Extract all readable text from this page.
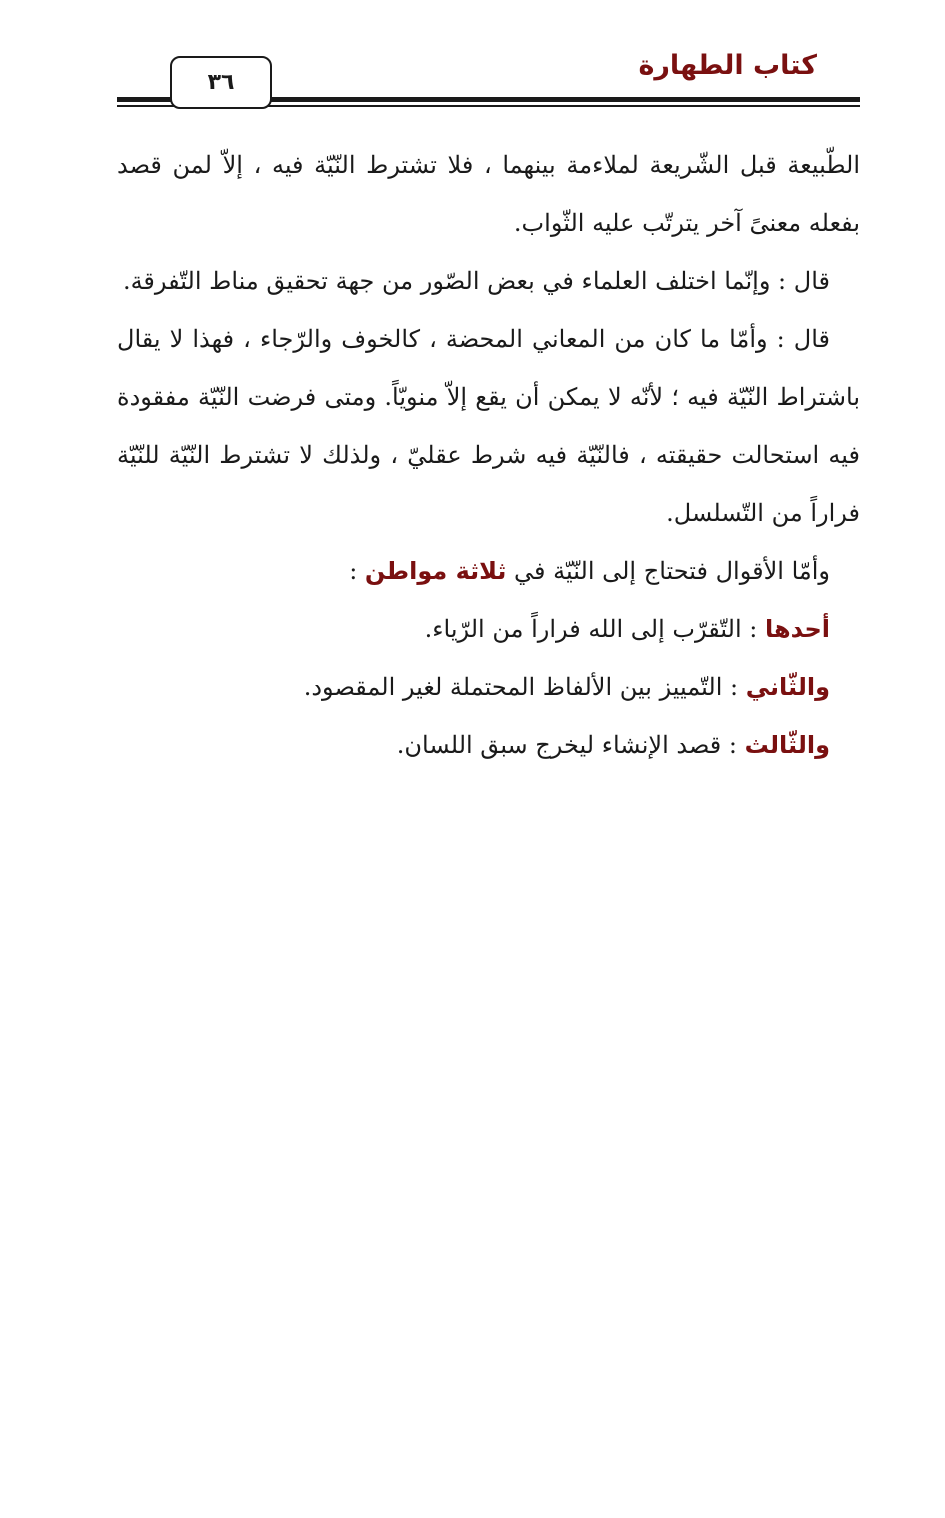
كتاب الطهارة
٣٦

الطّبيعة قبل الشّريعة لملاءمة بينهما ، فلا تشترط النّيّة فيه ، إلاّ لمن قصد بفعله معنىً آخر يترتّب عليه الثّواب.

قال : وإنّما اختلف العلماء في بعض الصّور من جهة تحقيق مناط التّفرقة.

قال : وأمّا ما كان من المعاني المحضة ، كالخوف والرّجاء ، فهذا لا يقال باشتراط النّيّة فيه ؛ لأنّه لا يمكن أن يقع إلاّ منويّاً. ومتى فرضت النّيّة مفقودة فيه استحالت حقيقته ، فالنّيّة فيه شرط عقليّ ، ولذلك لا تشترط النّيّة للنّيّة فراراً من التّسلسل.

وأمّا الأقوال فتحتاج إلى النّيّة في ثلاثة مواطن :

أحدها : التّقرّب إلى الله فراراً من الرّياء.

والثّاني : التّمييز بين الألفاظ المحتملة لغير المقصود.

والثّالث : قصد الإنشاء ليخرج سبق اللسان.
